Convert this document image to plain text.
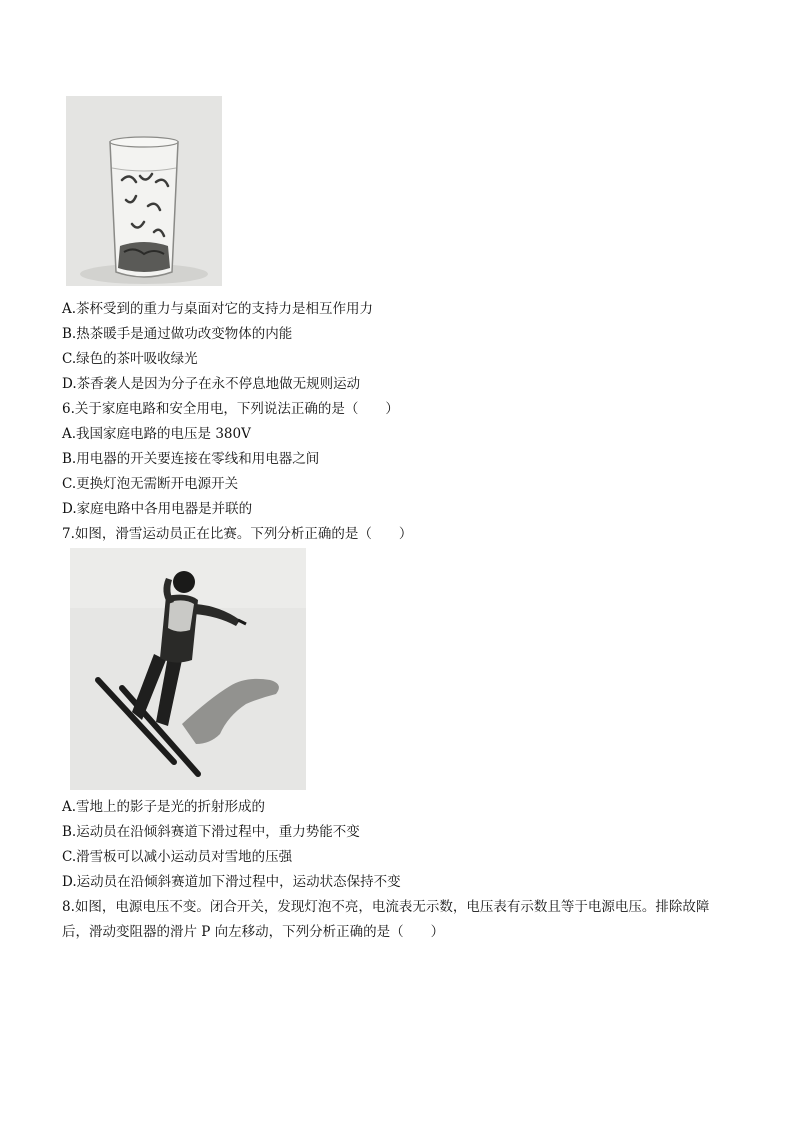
A.茶杯受到的重力与桌面对它的支持力是相互作用力
B.热茶暖手是通过做功改变物体的内能
C.绿色的茶叶吸收绿光
D.茶香袭人是因为分子在永不停息地做无规则运动
6.关于家庭电路和安全用电，下列说法正确的是（　　）
A.我国家庭电路的电压是 380V
B.用电器的开关要连接在零线和用电器之间
C.更换灯泡无需断开电源开关
D.家庭电路中各用电器是并联的
7.如图，滑雪运动员正在比赛。下列分析正确的是（　　）
A.雪地上的影子是光的折射形成的
B.运动员在沿倾斜赛道下滑过程中，重力势能不变
C.滑雪板可以减小运动员对雪地的压强
D.运动员在沿倾斜赛道加下滑过程中，运动状态保持不变
8.如图，电源电压不变。闭合开关，发现灯泡不亮，电流表无示数，电压表有示数且等于电源电压。排除故障后，滑动变阻器的滑片 P 向左移动，下列分析正确的是（　　）
